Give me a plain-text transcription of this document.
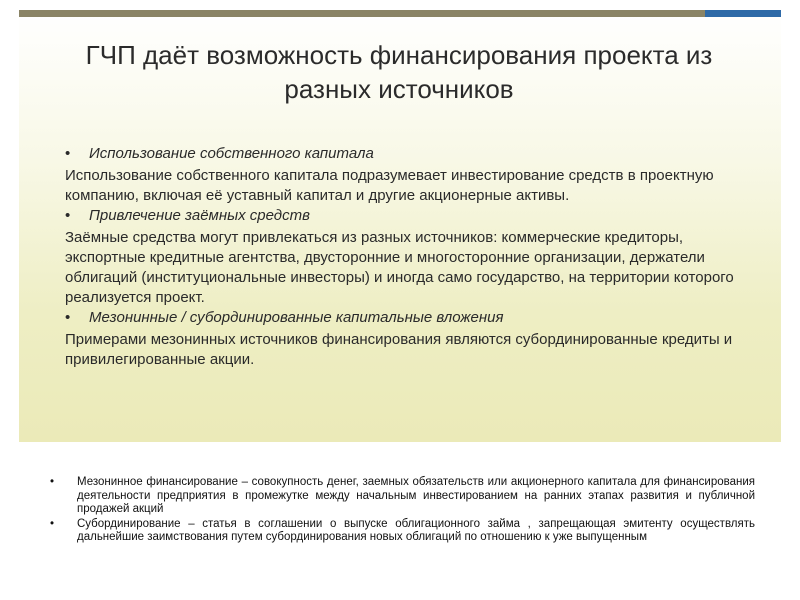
ГЧП даёт возможность финансирования проекта из разных источников

• Использование собственного капитала

Использование собственного капитала подразумевает инвестирование средств в проектную компанию, включая её уставный капитал и другие акционерные активы.

• Привлечение заёмных средств

Заёмные средства могут привлекаться из разных источников: коммерческие кредиторы, экспортные кредитные агентства, двусторонние и многосторонние организации, держатели облигаций (институциональные инвесторы) и иногда само государство, на территории которого реализуется проект.

• Мезонинные / субординированные капитальные вложения

Примерами мезонинных источников финансирования являются субординированные кредиты и привилегированные акции.

• Мезонинное финансирование – совокупность денег, заемных обязательств или акционерного капитала для финансирования деятельности предприятия в промежутке между начальным инвестированием на ранних этапах развития и публичной продажей акций
• Субординирование – статья в соглашении о выпуске облигационного займа , запрещающая эмитенту осуществлять дальнейшие заимствования путем субординирования новых облигаций по отношению к уже выпущенным
